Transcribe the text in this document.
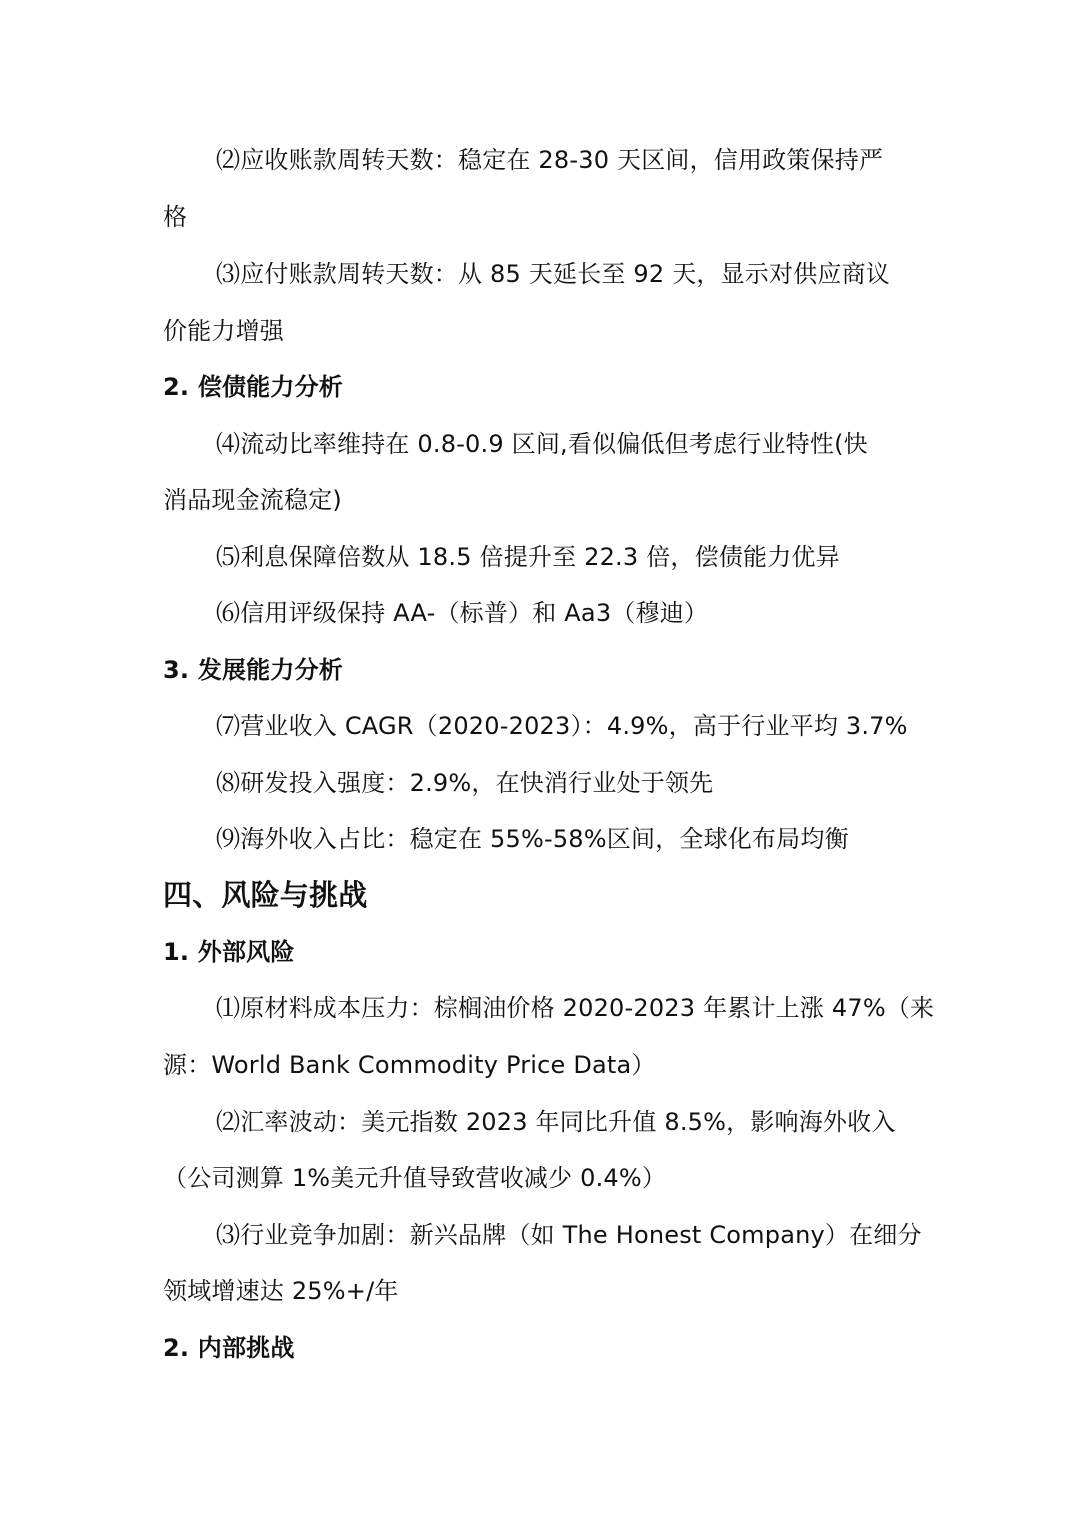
⑵应收账款周转天数：稳定在 28-30 天区间，信用政策保持严
格
⑶应付账款周转天数：从 85 天延长至 92 天，显示对供应商议
价能力增强
2. 偿债能力分析
⑷流动比率维持在 0.8-0.9 区间,看似偏低但考虑行业特性(快
消品现金流稳定)
⑸利息保障倍数从 18.5 倍提升至 22.3 倍，偿债能力优异
⑹信用评级保持 AA-（标普）和 Aa3（穆迪）
3. 发展能力分析
⑺营业收入 CAGR（2020-2023）：4.9%，高于行业平均 3.7%
⑻研发投入强度：2.9%，在快消行业处于领先
⑼海外收入占比：稳定在 55%-58%区间，全球化布局均衡
四、风险与挑战
1. 外部风险
⑴原材料成本压力：棕榈油价格 2020-2023 年累计上涨 47%（来
源：World Bank Commodity Price Data）
⑵汇率波动：美元指数 2023 年同比升值 8.5%，影响海外收入
（公司测算 1%美元升值导致营收减少 0.4%）
⑶行业竞争加剧：新兴品牌（如 The Honest Company）在细分
领域增速达 25%+/年
2. 内部挑战
